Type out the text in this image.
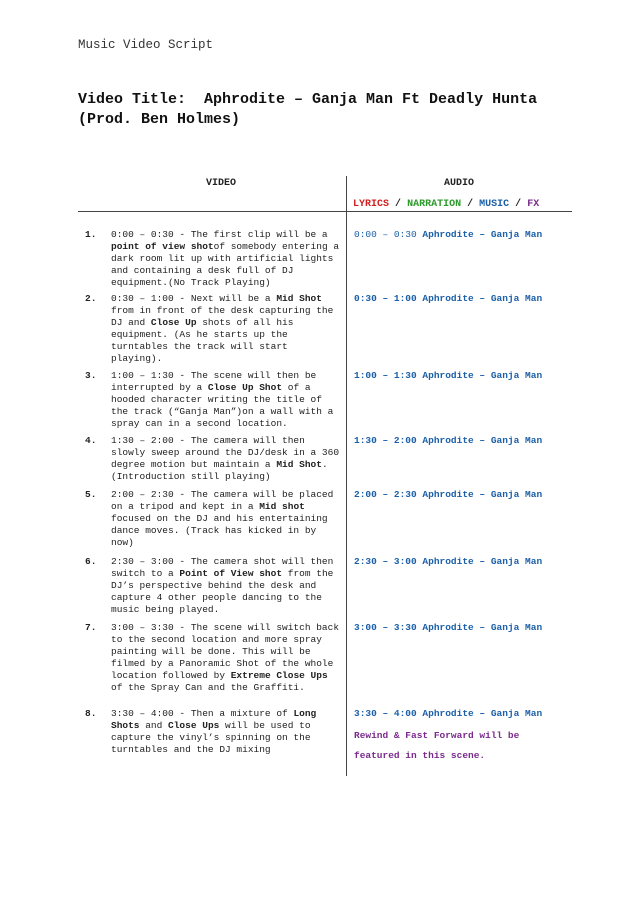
Music Video Script
Video Title:  Aphrodite – Ganja Man Ft Deadly Hunta (Prod. Ben Holmes)
VIDEO	AUDIO
LYRICS / NARRATION / MUSIC / FX
1. 0:00 – 0:30 - The first clip will be a point of view shotof somebody entering a dark room lit up with artificial lights and containing a desk full of DJ equipment.(No Track Playing)
0:00 – 0:30 Aphrodite – Ganja Man
2. 0:30 – 1:00 - Next will be a Mid Shot from in front of the desk capturing the DJ and Close Up shots of all his equipment. (As he starts up the turntables the track will start playing).
0:30 – 1:00 Aphrodite – Ganja Man
3. 1:00 – 1:30 - The scene will then be interrupted by a Close Up Shot of a hooded character writing the title of the track (“Ganja Man”)on a wall with a spray can in a second location.
1:00 – 1:30 Aphrodite – Ganja Man
4. 1:30 – 2:00 - The camera will then slowly sweep around the DJ/desk in a 360 degree motion but maintain a Mid Shot.(Introduction still playing)
1:30 – 2:00 Aphrodite – Ganja Man
5. 2:00 – 2:30 - The camera will be placed on a tripod and kept in a Mid shot focused on the DJ and his entertaining dance moves. (Track has kicked in by now)
2:00 – 2:30 Aphrodite – Ganja Man
6. 2:30 – 3:00 - The camera shot will then switch to a Point of View shot from the DJ’s perspective behind the desk and capture 4 other people dancing to the music being played.
2:30 – 3:00 Aphrodite – Ganja Man
7. 3:00 – 3:30 - The scene will switch back to the second location and more spray painting will be done. This will be filmed by a Panoramic Shot of the whole location followed by Extreme Close Ups of the Spray Can and the Graffiti.
3:00 – 3:30 Aphrodite – Ganja Man
8. 3:30 – 4:00 - Then a mixture of Long Shots and Close Ups will be used to capture the vinyl’s spinning on the turntables and the DJ mixing
3:30 – 4:00 Aphrodite – Ganja Man
Rewind & Fast Forward will be featured in this scene.
